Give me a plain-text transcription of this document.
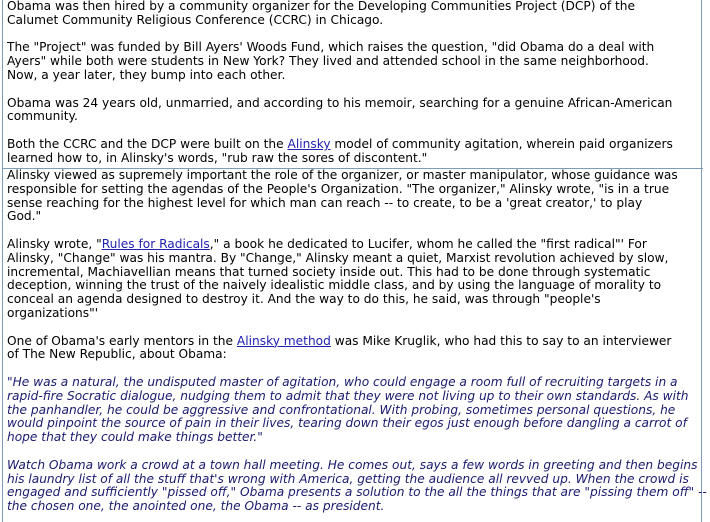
Obama was then hired by a community organizer for the Developing Communities Project (DCP) of the
Calumet Community Religious Conference (CCRC) in Chicago.

The "Project" was funded by Bill Ayers' Woods Fund, which raises the question, "did Obama do a deal with
Ayers" while both were students in New York? They lived and attended school in the same neighborhood.
Now, a year later, they bump into each other.

Obama was 24 years old, unmarried, and according to his memoir, searching for a genuine African-American
community.

Both the CCRC and the DCP were built on the Alinsky model of community agitation, wherein paid organizers
learned how to, in Alinsky's words, "rub raw the sores of discontent."

Alinsky viewed as supremely important the role of the organizer, or master manipulator, whose guidance was
responsible for setting the agendas of the People's Organization. "The organizer," Alinsky wrote, "is in a true
sense reaching for the highest level for which man can reach -- to create, to be a 'great creator,' to play
God."

Alinsky wrote, "Rules for Radicals," a book he dedicated to Lucifer, whom he called the "first radical"' For
Alinsky, "Change" was his mantra. By "Change," Alinsky meant a quiet, Marxist revolution achieved by slow,
incremental, Machiavellian means that turned society inside out. This had to be done through systematic
deception, winning the trust of the naively idealistic middle class, and by using the language of morality to
conceal an agenda designed to destroy it. And the way to do this, he said, was through "people's
organizations"'

One of Obama's early mentors in the Alinsky method was Mike Kruglik, who had this to say to an interviewer
of The New Republic, about Obama:

"He was a natural, the undisputed master of agitation, who could engage a room full of recruiting targets in a
rapid-fire Socratic dialogue, nudging them to admit that they were not living up to their own standards. As with
the panhandler, he could be aggressive and confrontational. With probing, sometimes personal questions, he
would pinpoint the source of pain in their lives, tearing down their egos just enough before dangling a carrot of
hope that they could make things better."

Watch Obama work a crowd at a town hall meeting. He comes out, says a few words in greeting and then begins
his laundry list of all the stuff that's wrong with America, getting the audience all revved up. When the crowd is
engaged and sufficiently "pissed off," Obama presents a solution to the all the things that are "pissing them off" --
the chosen one, the anointed one, the Obama -- as president.
